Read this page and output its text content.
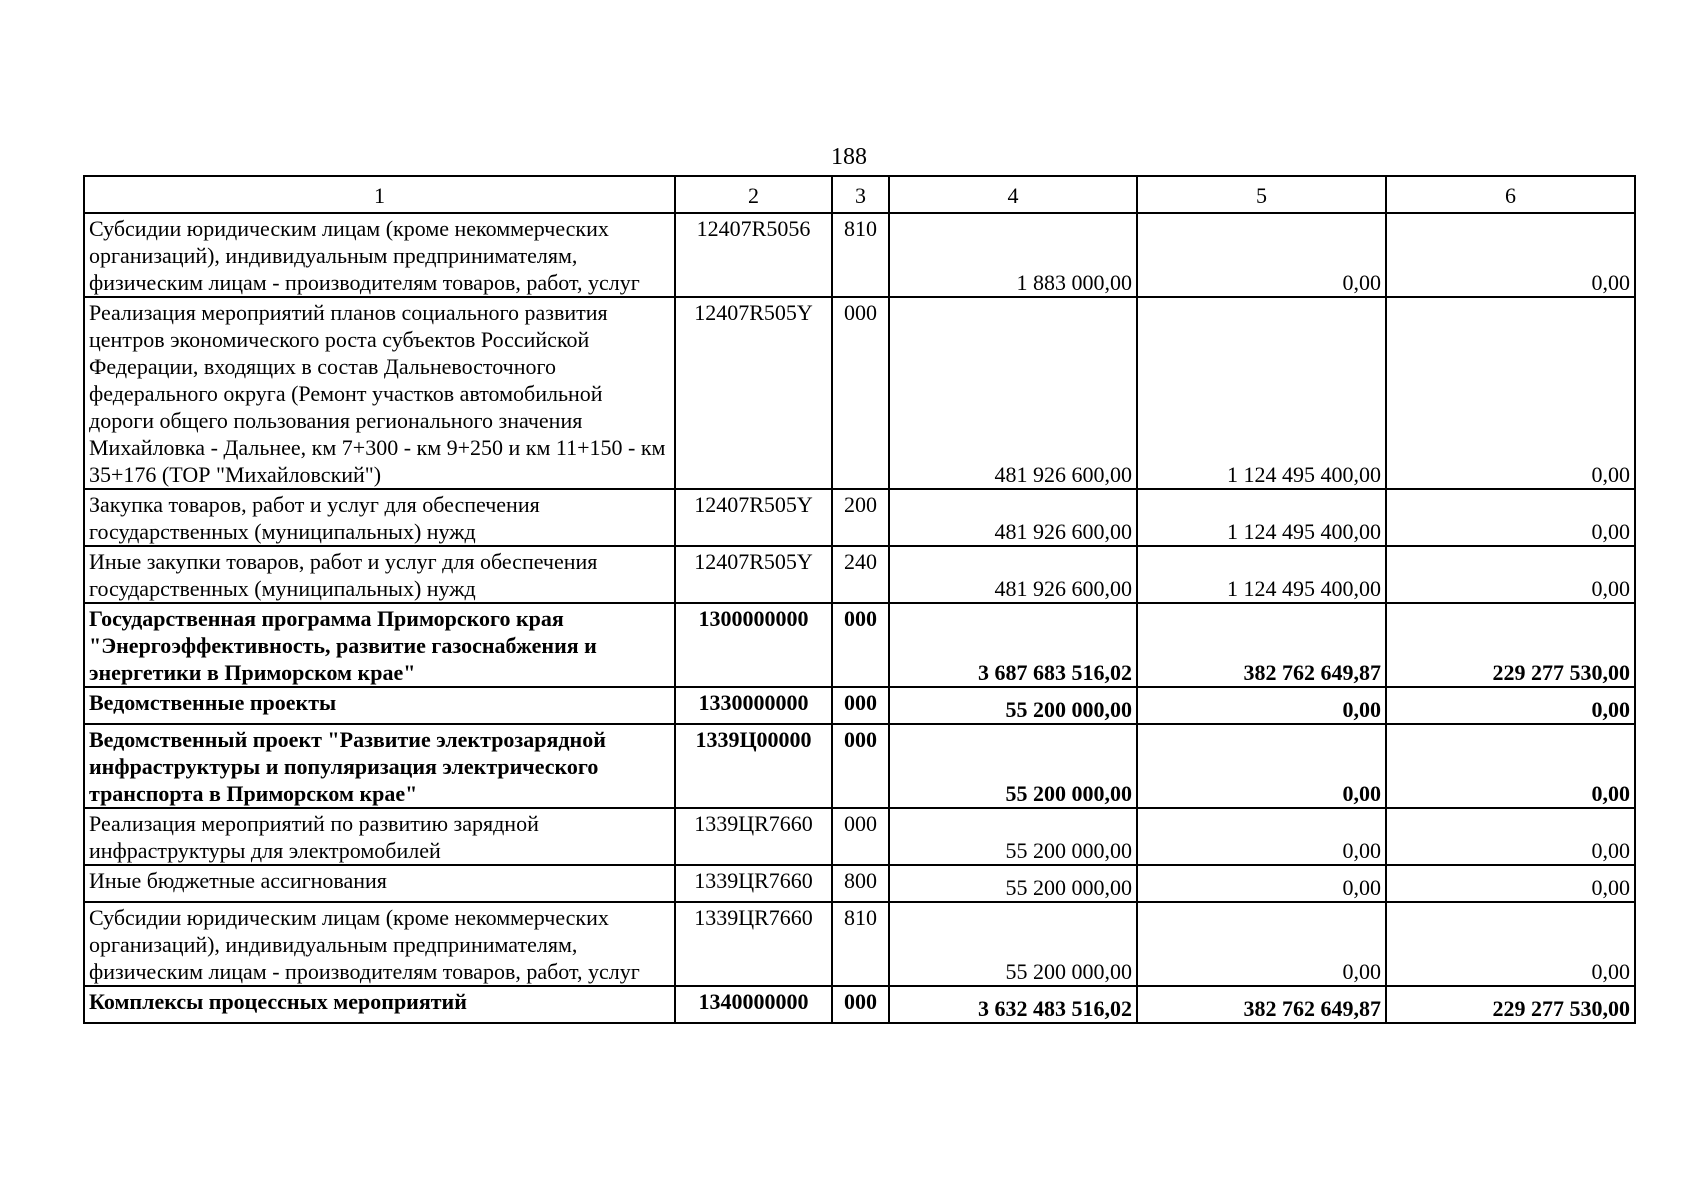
188
1	2	3	4	5	6
Субсидии юридическим лицам (кроме некоммерческих организаций), индивидуальным предпринимателям, физическим лицам - производителям товаров, работ, услуг	12407R5056	810	1 883 000,00	0,00	0,00
Реализация мероприятий планов социального развития центров экономического роста субъектов Российской Федерации, входящих в состав Дальневосточного федерального округа (Ремонт участков автомобильной дороги общего пользования регионального значения Михайловка - Дальнее, км 7+300 - км 9+250 и км 11+150 - км 35+176 (ТОР "Михайловский")	12407R505Y	000	481 926 600,00	1 124 495 400,00	0,00
Закупка товаров, работ и услуг для обеспечения государственных (муниципальных) нужд	12407R505Y	200	481 926 600,00	1 124 495 400,00	0,00
Иные закупки товаров, работ и услуг для обеспечения государственных (муниципальных) нужд	12407R505Y	240	481 926 600,00	1 124 495 400,00	0,00
Государственная программа Приморского края "Энергоэффективность, развитие газоснабжения и энергетики в Приморском крае"	1300000000	000	3 687 683 516,02	382 762 649,87	229 277 530,00
Ведомственные проекты	1330000000	000	55 200 000,00	0,00	0,00
Ведомственный проект "Развитие электрозарядной инфраструктуры и популяризация электрического транспорта в Приморском крае"	1339Ц00000	000	55 200 000,00	0,00	0,00
Реализация мероприятий по развитию зарядной инфраструктуры для электромобилей	1339ЦR7660	000	55 200 000,00	0,00	0,00
Иные бюджетные ассигнования	1339ЦR7660	800	55 200 000,00	0,00	0,00
Субсидии юридическим лицам (кроме некоммерческих организаций), индивидуальным предпринимателям, физическим лицам - производителям товаров, работ, услуг	1339ЦR7660	810	55 200 000,00	0,00	0,00
Комплексы процессных мероприятий	1340000000	000	3 632 483 516,02	382 762 649,87	229 277 530,00
